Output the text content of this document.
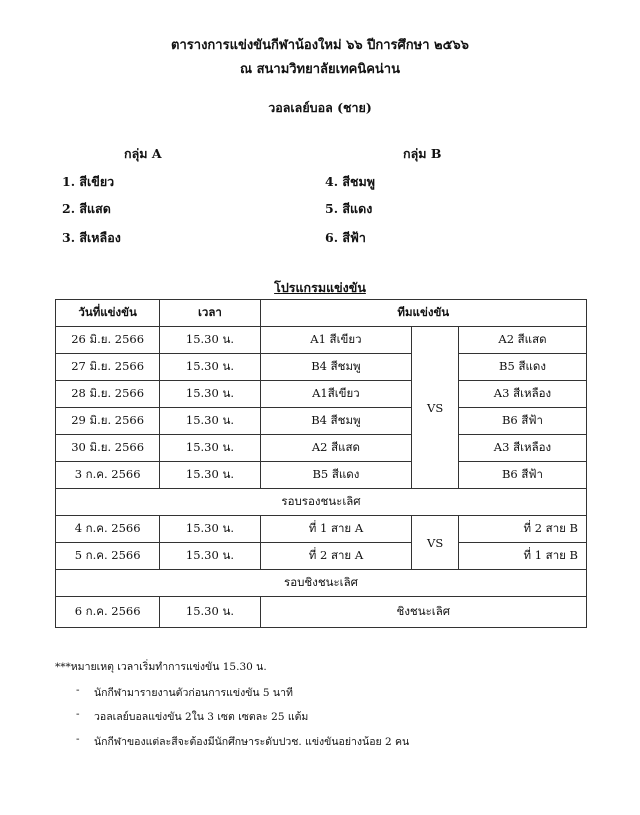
ตารางการแข่งขันกีฬาน้องใหม่ ๖๖ ปีการศึกษา ๒๕๖๖
ณ สนามวิทยาลัยเทคนิคน่าน
วอลเลย์บอล (ชาย)
กลุ่ม A	กลุ่ม B
1. สีเขียว
2. สีแสด
3. สีเหลือง
4. สีชมพู
5. สีแดง
6. สีฟ้า
โปรแกรมแข่งขัน
วันที่แข่งขัน	เวลา	ทีมแข่งขัน		
26 มิ.ย. 2566	15.30 น.	A1 สีเขียว	VS	A2 สีแสด
27 มิ.ย. 2566	15.30 น.	B4 สีชมพู		B5 สีแดง
28 มิ.ย. 2566	15.30 น.	A1สีเขียว		A3 สีเหลือง
29 มิ.ย. 2566	15.30 น.	B4 สีชมพู		B6 สีฟ้า
30 มิ.ย. 2566	15.30 น.	A2 สีแสด		A3 สีเหลือง
3 ก.ค. 2566	15.30 น.	B5 สีแดง		B6 สีฟ้า
รอบรองชนะเลิศ				
4 ก.ค. 2566	15.30 น.	ที่ 1 สาย A	VS	ที่ 2 สาย B
5 ก.ค. 2566	15.30 น.	ที่ 2 สาย A		ที่ 1 สาย B
รอบชิงชนะเลิศ				
6 ก.ค. 2566	15.30 น.	ชิงชนะเลิศ		
***หมายเหตุ เวลาเริ่มทำการแข่งขัน 15.30 น.
- นักกีฬามารายงานตัวก่อนการแข่งขัน 5 นาที
- วอลเลย์บอลแข่งขัน 2ใน 3 เซต เซตละ 25 แต้ม
- นักกีฬาของแต่ละสีจะต้องมีนักศึกษาระดับปวช. แข่งขันอย่างน้อย 2 คน
